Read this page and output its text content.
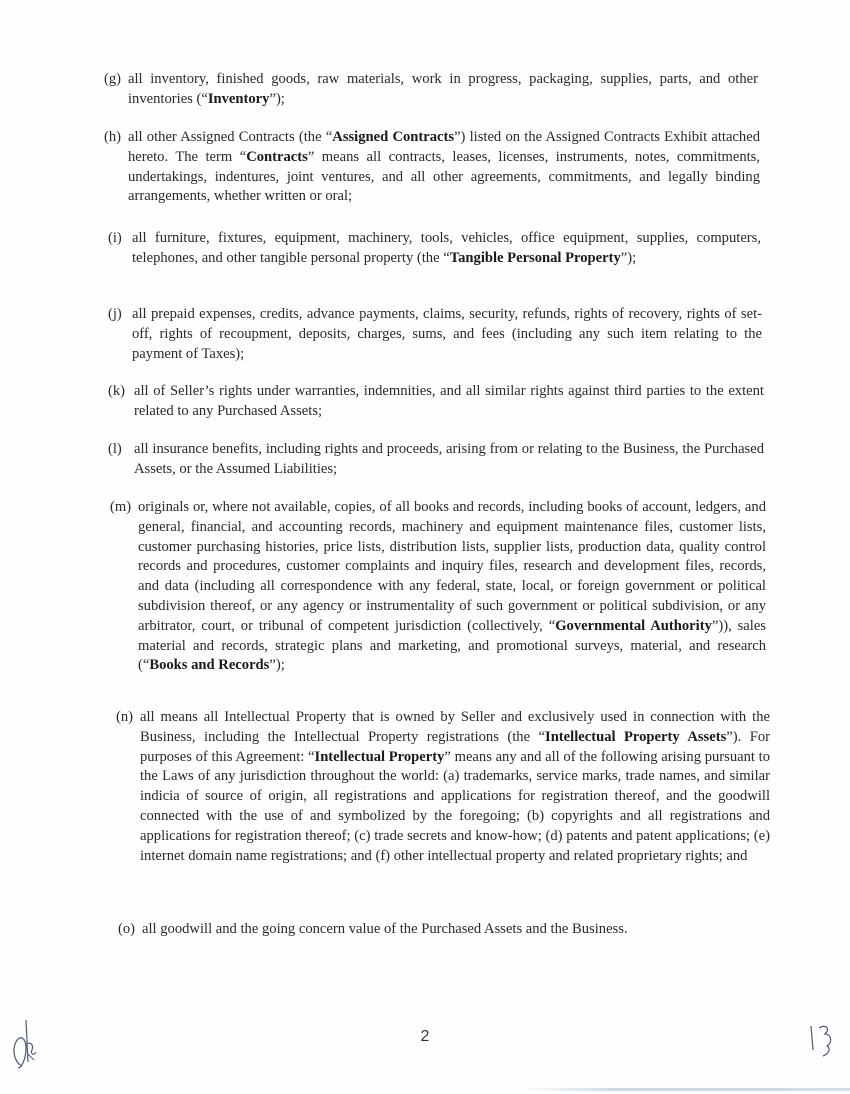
(g) all inventory, finished goods, raw materials, work in progress, packaging, supplies, parts, and other inventories (“Inventory”);
(h) all other Assigned Contracts (the “Assigned Contracts”) listed on the Assigned Contracts Exhibit attached hereto. The term “Contracts” means all contracts, leases, licenses, instruments, notes, commitments, undertakings, indentures, joint ventures, and all other agreements, commitments, and legally binding arrangements, whether written or oral;
(i) all furniture, fixtures, equipment, machinery, tools, vehicles, office equipment, supplies, computers, telephones, and other tangible personal property (the “Tangible Personal Property”);
(j) all prepaid expenses, credits, advance payments, claims, security, refunds, rights of recovery, rights of set-off, rights of recoupment, deposits, charges, sums, and fees (including any such item relating to the payment of Taxes);
(k) all of Seller’s rights under warranties, indemnities, and all similar rights against third parties to the extent related to any Purchased Assets;
(l) all insurance benefits, including rights and proceeds, arising from or relating to the Business, the Purchased Assets, or the Assumed Liabilities;
(m) originals or, where not available, copies, of all books and records, including books of account, ledgers, and general, financial, and accounting records, machinery and equipment maintenance files, customer lists, customer purchasing histories, price lists, distribution lists, supplier lists, production data, quality control records and procedures, customer complaints and inquiry files, research and development files, records, and data (including all correspondence with any federal, state, local, or foreign government or political subdivision thereof, or any agency or instrumentality of such government or political subdivision, or any arbitrator, court, or tribunal of competent jurisdiction (collectively, “Governmental Authority”)), sales material and records, strategic plans and marketing, and promotional surveys, material, and research (“Books and Records”);
(n) all means all Intellectual Property that is owned by Seller and exclusively used in connection with the Business, including the Intellectual Property registrations (the “Intellectual Property Assets”). For purposes of this Agreement: “Intellectual Property” means any and all of the following arising pursuant to the Laws of any jurisdiction throughout the world: (a) trademarks, service marks, trade names, and similar indicia of source of origin, all registrations and applications for registration thereof, and the goodwill connected with the use of and symbolized by the foregoing; (b) copyrights and all registrations and applications for registration thereof; (c) trade secrets and know-how; (d) patents and patent applications; (e) internet domain name registrations; and (f) other intellectual property and related proprietary rights; and
(o) all goodwill and the going concern value of the Purchased Assets and the Business.
2
